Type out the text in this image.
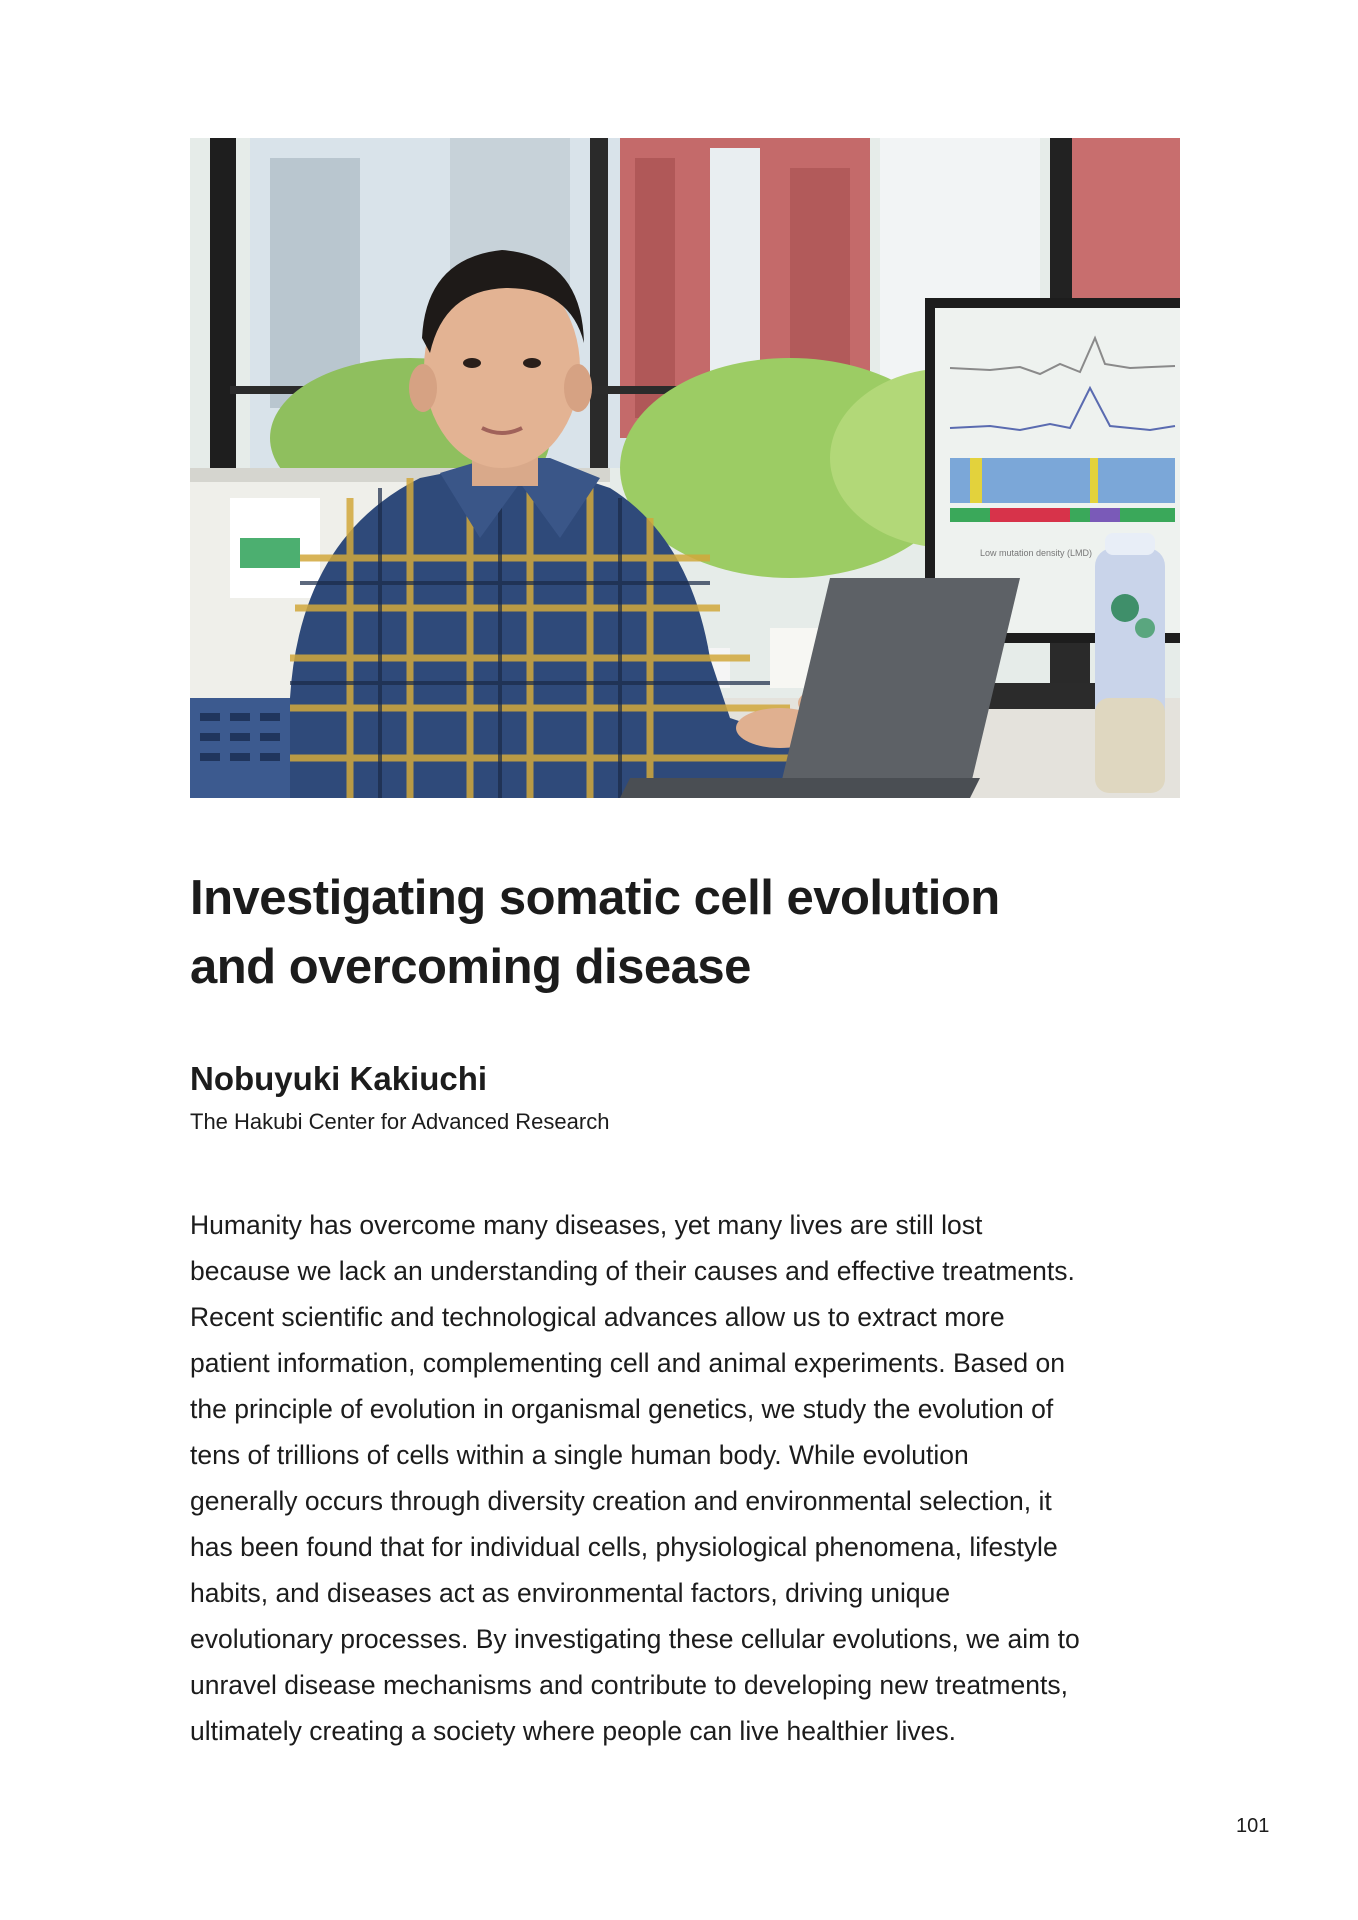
Low mutation density (LMD)
Investigating somatic cell evolution
and overcoming disease

Nobuyuki Kakiuchi

The Hakubi Center for Advanced Research

Humanity has overcome many diseases, yet many lives are still lost
because we lack an understanding of their causes and effective treatments.
Recent scientific and technological advances allow us to extract more
patient information, complementing cell and animal experiments. Based on
the principle of evolution in organismal genetics, we study the evolution of
tens of trillions of cells within a single human body. While evolution
generally occurs through diversity creation and environmental selection, it
has been found that for individual cells, physiological phenomena, lifestyle
habits, and diseases act as environmental factors, driving unique
evolutionary processes. By investigating these cellular evolutions, we aim to
unravel disease mechanisms and contribute to developing new treatments,
ultimately creating a society where people can live healthier lives.

101
